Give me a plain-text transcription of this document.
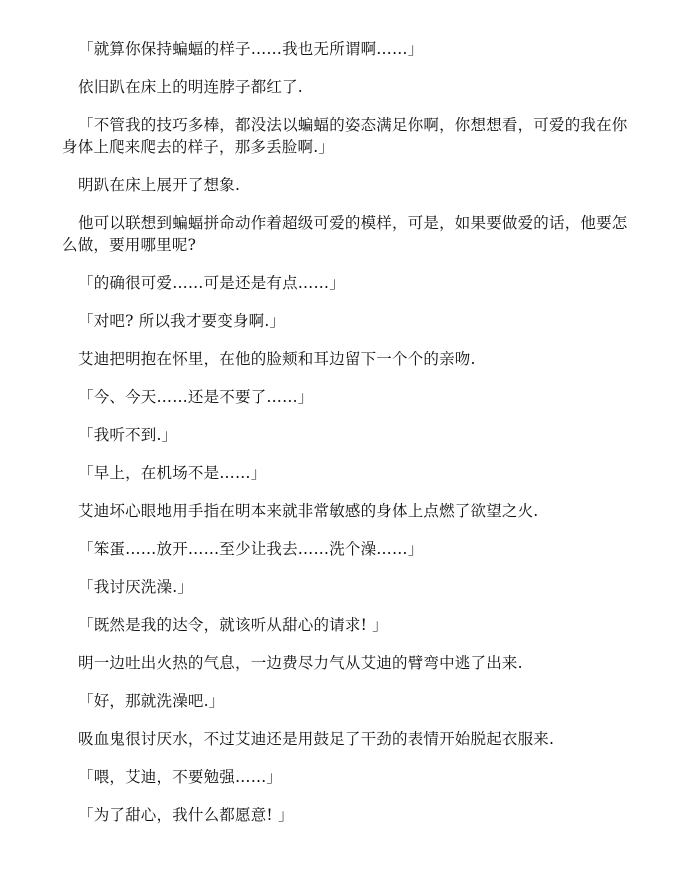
「就算你保持蝙蝠的样子……我也无所谓啊……」

依旧趴在床上的明连脖子都红了.

「不管我的技巧多棒，都没法以蝙蝠的姿态满足你啊，你想想看，可爱的我在你身体上爬来爬去的样子，那多丢脸啊.」

明趴在床上展开了想象.

他可以联想到蝙蝠拼命动作着超级可爱的模样，可是，如果要做爱的话，他要怎么做，要用哪里呢?

「的确很可爱……可是还是有点……」

「对吧? 所以我才要变身啊.」

艾迪把明抱在怀里，在他的脸颊和耳边留下一个个的亲吻.

「今、今天……还是不要了……」

「我听不到.」

「早上，在机场不是……」

艾迪坏心眼地用手指在明本来就非常敏感的身体上点燃了欲望之火.

「笨蛋……放开……至少让我去……洗个澡……」

「我讨厌洗澡.」

「既然是我的达令，就该听从甜心的请求! 」

明一边吐出火热的气息，一边费尽力气从艾迪的臂弯中逃了出来.

「好，那就洗澡吧.」

吸血鬼很讨厌水，不过艾迪还是用鼓足了干劲的表情开始脱起衣服来.

「喂，艾迪，不要勉强……」

「为了甜心，我什么都愿意! 」
